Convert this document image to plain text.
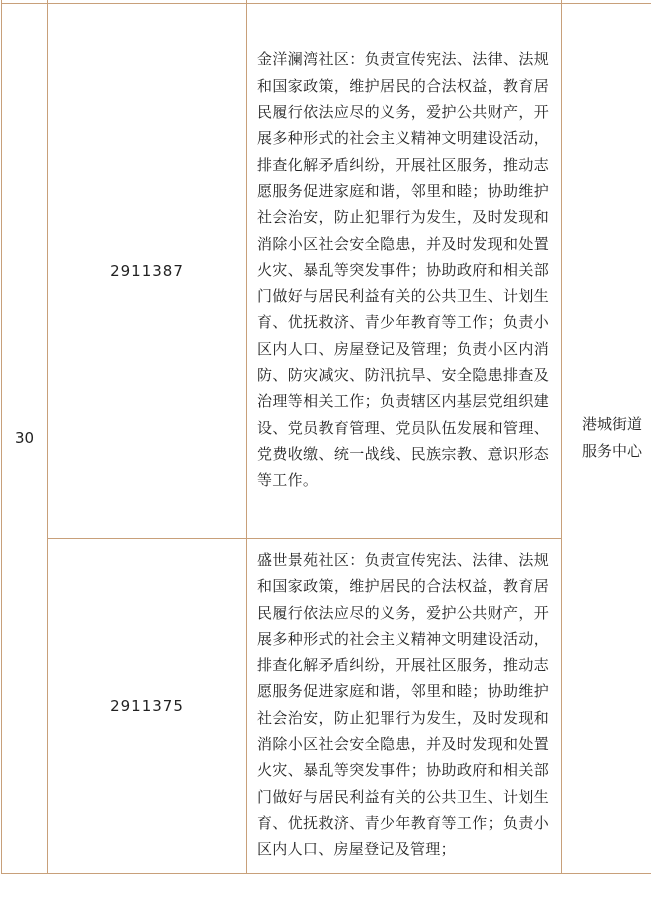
30	2911387	金洋澜湾社区：负责宣传宪法、法律、法规和国家政策，维护居民的合法权益，教育居民履行依法应尽的义务，爱护公共财产，开展多种形式的社会主义精神文明建设活动，排查化解矛盾纠纷，开展社区服务，推动志愿服务促进家庭和谐，邻里和睦；协助维护社会治安，防止犯罪行为发生，及时发现和消除小区社会安全隐患，并及时发现和处置火灾、暴乱等突发事件；协助政府和相关部门做好与居民利益有关的公共卫生、计划生育、优抚救济、青少年教育等工作；负责小区内人口、房屋登记及管理；负责小区内消防、防灾减灾、防汛抗旱、安全隐患排查及治理等相关工作；负责辖区内基层党组织建设、党员教育管理、党员队伍发展和管理、党费收缴、统一战线、民族宗教、意识形态等工作。	港城街道服务中心
	2911375	盛世景苑社区：负责宣传宪法、法律、法规和国家政策，维护居民的合法权益，教育居民履行依法应尽的义务，爱护公共财产，开展多种形式的社会主义精神文明建设活动，排查化解矛盾纠纷，开展社区服务，推动志愿服务促进家庭和谐，邻里和睦；协助维护社会治安，防止犯罪行为发生，及时发现和消除小区社会安全隐患，并及时发现和处置火灾、暴乱等突发事件；协助政府和相关部门做好与居民利益有关的公共卫生、计划生育、优抚救济、青少年教育等工作；负责小区内人口、房屋登记及管理；	
